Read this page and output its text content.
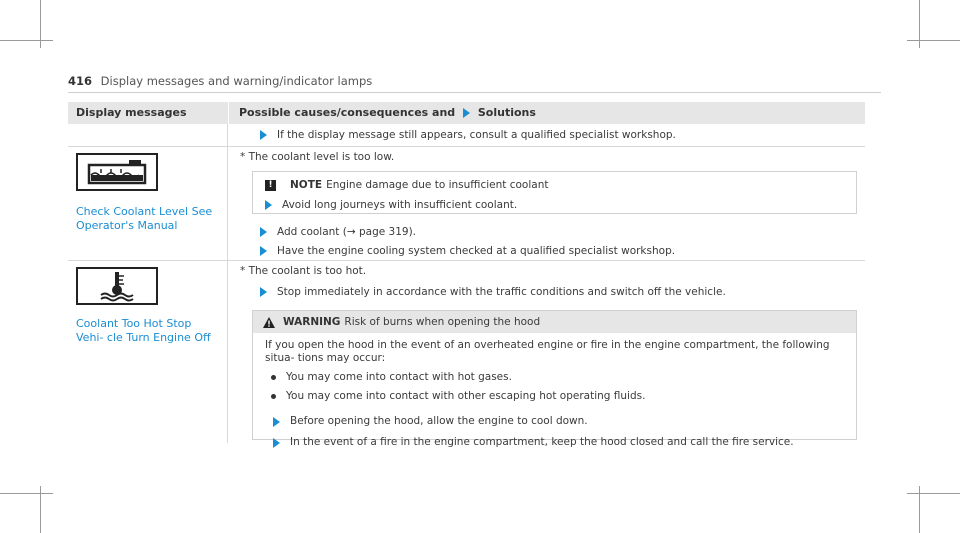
416 Display messages and warning/indicator lamps
Display messages	Possible causes/consequences and Solutions
If the display message still appears, consult a qualified specialist workshop.
Check Coolant Level See Operator's Manual
* The coolant level is too low.
!	NOTE Engine damage due to insufficient coolant
Avoid long journeys with insufficient coolant.
Add coolant (→ page 319).
Have the engine cooling system checked at a qualified specialist workshop.
Coolant Too Hot Stop Vehi- cle Turn Engine Off
* The coolant is too hot.
Stop immediately in accordance with the traffic conditions and switch off the vehicle.
WARNING Risk of burns when opening the hood
If you open the hood in the event of an overheated engine or fire in the engine compartment, the following situa- tions may occur:
You may come into contact with hot gases.
You may come into contact with other escaping hot operating fluids.
Before opening the hood, allow the engine to cool down.
In the event of a fire in the engine compartment, keep the hood closed and call the fire service.
